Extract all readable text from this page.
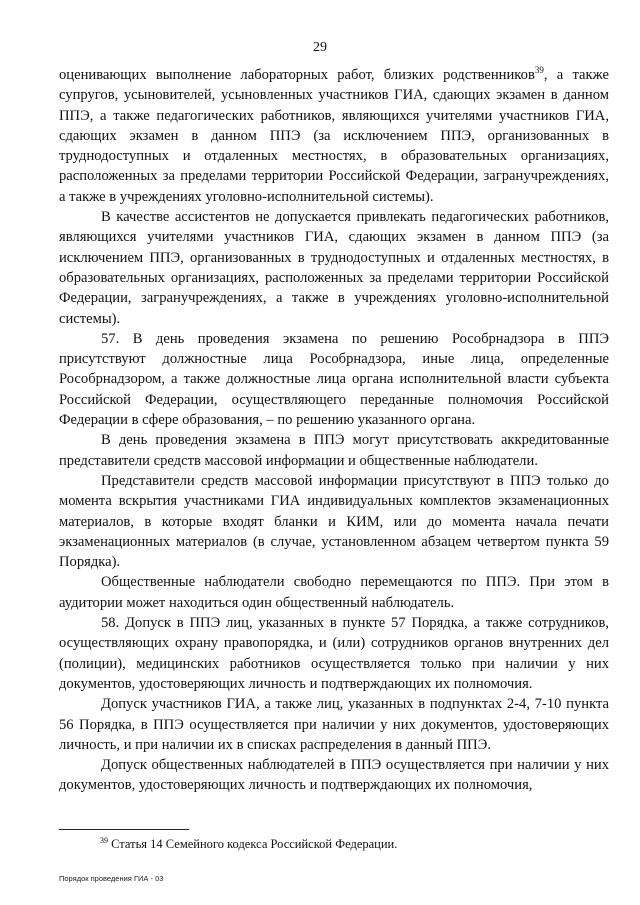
29

оценивающих выполнение лабораторных работ, близких родственников$^{39}$, а также супругов, усыновителей, усыновленных участников ГИА, сдающих экзамен в данном ППЭ, а также педагогических работников, являющихся учителями участников ГИА, сдающих экзамен в данном ППЭ (за исключением ППЭ, организованных в труднодоступных и отдаленных местностях, в образовательных организациях, расположенных за пределами территории Российской Федерации, загранучреждениях, а также в учреждениях уголовно-исполнительной системы).

В качестве ассистентов не допускается привлекать педагогических работников, являющихся учителями участников ГИА, сдающих экзамен в данном ППЭ (за исключением ППЭ, организованных в труднодоступных и отдаленных местностях, в образовательных организациях, расположенных за пределами территории Российской Федерации, загранучреждениях, а также в учреждениях уголовно-исполнительной системы).

57. В день проведения экзамена по решению Рособрнадзора в ППЭ присутствуют должностные лица Рособрнадзора, иные лица, определенные Рособрнадзором, а также должностные лица органа исполнительной власти субъекта Российской Федерации, осуществляющего переданные полномочия Российской Федерации в сфере образования, – по решению указанного органа.

В день проведения экзамена в ППЭ могут присутствовать аккредитованные представители средств массовой информации и общественные наблюдатели.

Представители средств массовой информации присутствуют в ППЭ только до момента вскрытия участниками ГИА индивидуальных комплектов экзаменационных материалов, в которые входят бланки и КИМ, или до момента начала печати экзаменационных материалов (в случае, установленном абзацем четвертом пункта 59 Порядка).

Общественные наблюдатели свободно перемещаются по ППЭ. При этом в аудитории может находиться один общественный наблюдатель.

58. Допуск в ППЭ лиц, указанных в пункте 57 Порядка, а также сотрудников, осуществляющих охрану правопорядка, и (или) сотрудников органов внутренних дел (полиции), медицинских работников осуществляется только при наличии у них документов, удостоверяющих личность и подтверждающих их полномочия.

Допуск участников ГИА, а также лиц, указанных в подпунктах 2-4, 7-10 пункта 56 Порядка, в ППЭ осуществляется при наличии у них документов, удостоверяющих личность, и при наличии их в списках распределения в данный ППЭ.

Допуск общественных наблюдателей в ППЭ осуществляется при наличии у них документов, удостоверяющих личность и подтверждающих их полномочия,

$^{39}$ Статья 14 Семейного кодекса Российской Федерации.
Порядок проведения ГИА - 03
